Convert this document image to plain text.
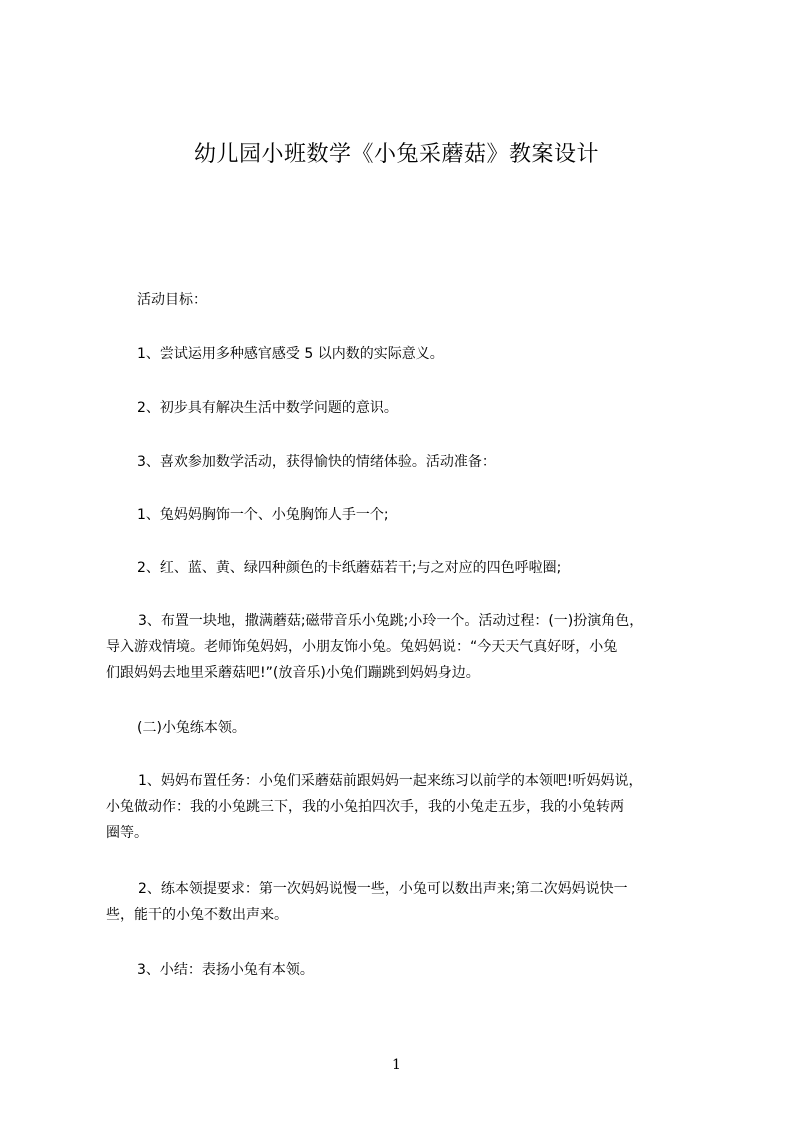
幼儿园小班数学《小兔采蘑菇》教案设计
活动目标：
1、尝试运用多种感官感受 5 以内数的实际意义。
2、初步具有解决生活中数学问题的意识。
3、喜欢参加数学活动，获得愉快的情绪体验。活动准备：
1、兔妈妈胸饰一个、小兔胸饰人手一个;
2、红、蓝、黄、绿四种颜色的卡纸蘑菇若干;与之对应的四色呼啦圈;
3、布置一块地，撒满蘑菇;磁带音乐小兔跳;小玲一个。活动过程：(一)扮演角色，
导入游戏情境。老师饰兔妈妈，小朋友饰小兔。兔妈妈说：“今天天气真好呀，小兔
们跟妈妈去地里采蘑菇吧!”(放音乐)小兔们蹦跳到妈妈身边。
(二)小兔练本领。
1、妈妈布置任务：小兔们采蘑菇前跟妈妈一起来练习以前学的本领吧!听妈妈说，
小兔做动作：我的小兔跳三下，我的小兔拍四次手，我的小兔走五步，我的小兔转两
圈等。
2、练本领提要求：第一次妈妈说慢一些，小兔可以数出声来;第二次妈妈说快一
些，能干的小兔不数出声来。
3、小结：表扬小兔有本领。
1
